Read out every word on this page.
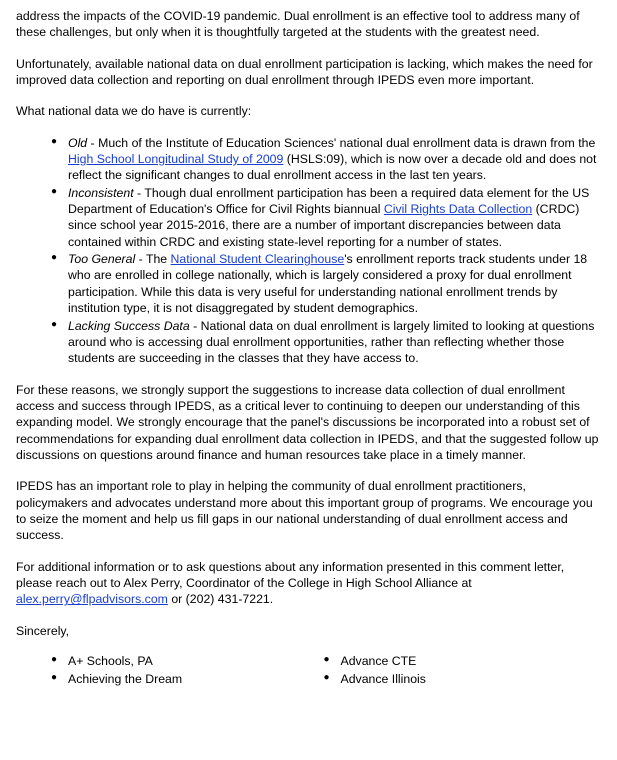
address the impacts of the COVID-19 pandemic. Dual enrollment is an effective tool to address many of these challenges, but only when it is thoughtfully targeted at the students with the greatest need.

Unfortunately, available national data on dual enrollment participation is lacking, which makes the need for improved data collection and reporting on dual enrollment through IPEDS even more important.

What national data we do have is currently:

● Old - Much of the Institute of Education Sciences' national dual enrollment data is drawn from the High School Longitudinal Study of 2009 (HSLS:09), which is now over a decade old and does not reflect the significant changes to dual enrollment access in the last ten years.
● Inconsistent - Though dual enrollment participation has been a required data element for the US Department of Education's Office for Civil Rights biannual Civil Rights Data Collection (CRDC) since school year 2015-2016, there are a number of important discrepancies between data contained within CRDC and existing state-level reporting for a number of states.
● Too General - The National Student Clearinghouse's enrollment reports track students under 18 who are enrolled in college nationally, which is largely considered a proxy for dual enrollment participation. While this data is very useful for understanding national enrollment trends by institution type, it is not disaggregated by student demographics.
● Lacking Success Data - National data on dual enrollment is largely limited to looking at questions around who is accessing dual enrollment opportunities, rather than reflecting whether those students are succeeding in the classes that they have access to.

For these reasons, we strongly support the suggestions to increase data collection of dual enrollment access and success through IPEDS, as a critical lever to continuing to deepen our understanding of this expanding model. We strongly encourage that the panel's discussions be incorporated into a robust set of recommendations for expanding dual enrollment data collection in IPEDS, and that the suggested follow up discussions on questions around finance and human resources take place in a timely manner.

IPEDS has an important role to play in helping the community of dual enrollment practitioners, policymakers and advocates understand more about this important group of programs. We encourage you to seize the moment and help us fill gaps in our national understanding of dual enrollment access and success.

For additional information or to ask questions about any information presented in this comment letter, please reach out to Alex Perry, Coordinator of the College in High School Alliance at alex.perry@flpadvisors.com or (202) 431-7221.

Sincerely,

● A+ Schools, PA
● Achieving the Dream
● Advance CTE
● Advance Illinois
